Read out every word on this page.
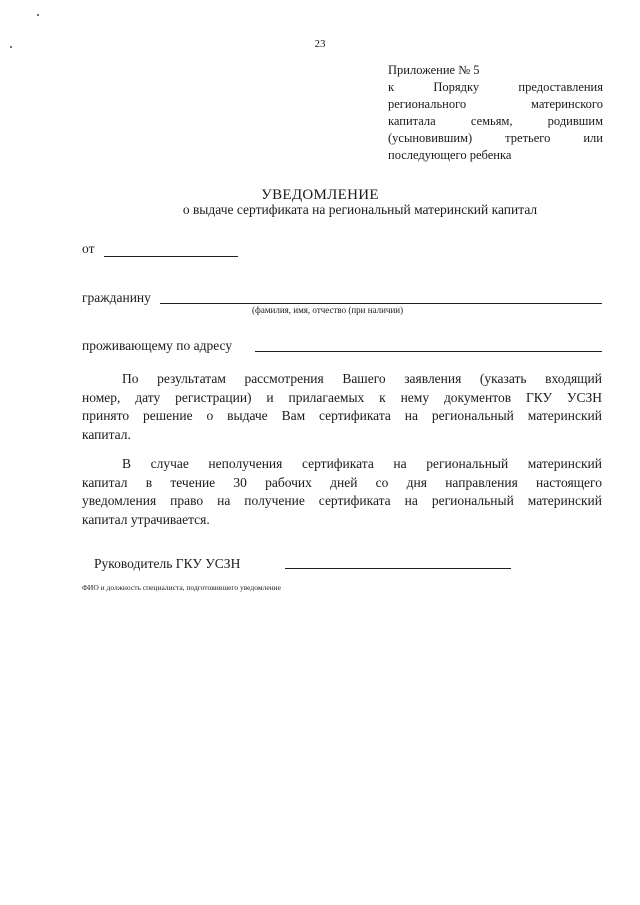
23
Приложение № 5
к Порядку предоставления
регионального материнского
капитала семьям, родившим
(усыновившим) третьего или
последующего ребенка
УВЕДОМЛЕНИЕ
о выдаче сертификата на региональный материнский капитал
от
гражданину
(фамилия, имя, отчество (при наличии)
проживающему по адресу
По результатам рассмотрения Вашего заявления (указать входящий
номер, дату регистрации) и прилагаемых к нему документов ГКУ УСЗН
принято решение о выдаче Вам сертификата на региональный материнский
капитал.
В случае неполучения сертификата на региональный материнский
капитал в течение 30 рабочих дней со дня направления настоящего
уведомления право на получение сертификата на региональный материнский
капитал утрачивается.
Руководитель ГКУ УСЗН
ФИО и должность специалиста, подготовившего уведомление
